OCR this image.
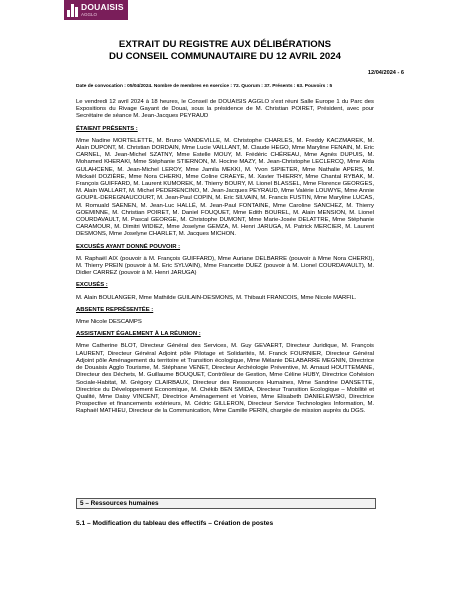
DOUAISIS
AGGLO
EXTRAIT DU REGISTRE AUX DÉLIBÉRATIONS
DU CONSEIL COMMUNAUTAIRE DU 12 AVRIL 2024
12/04/2024 - 6
Date de convocation : 05/04/2024. Nombre de membres en exercice : 72. Quorum : 37. Présents : 63. Pouvoirs : 5

Le vendredi 12 avril 2024 à 18 heures, le Conseil de DOUAISIS AGGLO s'est réuni Salle Europe 1 du Parc des Expositions du Rivage Gayant de Douai, sous la présidence de M. Christian POIRET, Président, avec pour Secrétaire de séance M. Jean-Jacques PEYRAUD

ÉTAIENT PRÉSENTS :

Mme Nadine MORTELETTE, M. Bruno VANDEVILLE, M. Christophe CHARLES, M. Freddy KACZMAREK, M. Alain DUPONT, M. Christian DORDAIN, Mme Lucie VAILLANT, M. Claude HEGO, Mme Maryline FENAIN, M. Eric CARNEL, M. Jean-Michel SZATNY, Mme Estelle MOUY, M. Frédéric CHÉREAU, Mme Agnès DUPUIS, M. Mohamed KHERAKI, Mme Stéphanie STIERNON, M. Hocine MAZY, M. Jean-Christophe LECLERCQ, Mme Aïda GULAHCENE, M. Jean-Michel LEROY, Mme Jamila MEKKI, M. Yvon SIPIETER, Mme Nathalie APERS, M. Mickaël DOZIÈRE, Mme Nora CHERKI, Mme Coline CRAEYE, M. Xavier THIERRY, Mme Chantal RYBAK, M. François GUIFFARD, M. Laurent KUMOREK, M. Thierry BOURY, M. Lionel BLASSEL, Mme Florence GEORGES, M. Alain WALLART, M. Michel PEDERENCINO, M. Jean-Jacques PEYRAUD, Mme Valérie LOUWYE, Mme Annie GOUPIL-DEREGNAUCOURT, M. Jean-Paul COPIN, M. Eric SILVAIN, M. Francis FUSTIN, Mme Maryline LUCAS, M. Romuald SAENEN, M. Jean-Luc HALLÉ, M. Jean-Paul FONTAINE, Mme Caroline SANCHEZ, M. Thierry GOEMINNE, M. Christian POIRET, M. Daniel FOUQUET, Mme Edith BOUREL, M. Alain MENSION, M. Lionel COURDAVAULT, M. Pascal GEORGE, M. Christophe DUMONT, Mme Marie-Josée DELATTRE, Mme Stéphanie CARAMOUR, M. Dimitri WIDIEZ, Mme Joselyne GEMZA, M. Henri JARUGA, M. Patrick MERCIER, M. Laurent DESMONS, Mme Joselyne CHARLET, M. Jacques MICHON.

EXCUSÉS AYANT DONNÉ POUVOIR :

M. Raphaël AIX (pouvoir à M. François GUIFFARD), Mme Auriane DELBARRE (pouvoir à Mme Nora CHERKI), M. Thierry PREIN (pouvoir à M. Eric SYLVAIN), Mme Francette DUEZ (pouvoir à M. Lionel COURDAVAULT), M. Didier CARREZ (pouvoir à M. Henri JARUGA)

EXCUSÉS :

M. Alain BOULANGER, Mme Mathilde GUILAIN-DESMONS, M. Thibault FRANCOIS, Mme Nicole MARFIL.

ABSENTE REPRÉSENTÉE :

Mme Nicole DESCAMPS

ASSISTAIENT ÉGALEMENT À LA RÉUNION :

Mme Catherine BLOT, Directeur Général des Services, M. Guy GEVAERT, Directeur Juridique, M. François LAURENT, Directeur Général Adjoint pôle Pilotage et Solidarités, M. Franck FOURNIER, Directeur Général Adjoint pôle Aménagement du territoire et Transition écologique, Mme Mélanie DELABARRE MEGNIN, Directrice de Douaisis Agglo Tourisme, M. Stéphane VENET, Directeur Archéologie Préventive, M. Arnaud HOUTTEMANE, Directeur des Déchets, M. Guillaume BOUQUET, Contrôleur de Gestion, Mme Céline HUBY, Directrice Cohésion Sociale-Habitat, M. Grégory CLAIRBAUX, Directeur des Ressources Humaines, Mme Sandrine DANSETTE, Directrice du Développement Economique, M. Chékib BEN SMIDA, Directeur Transition Ecologique – Mobilité et Qualité, Mme Daisy VINCENT, Directrice Aménagement et Voiries, Mme Elisabeth DANIELEWSKI, Directrice Prospective et financements extérieurs, M. Cédric GILLERON, Directeur Service Technologies Information, M. Raphaël MATHIEU, Directeur de la Communication, Mme Camille PERIN, chargée de mission auprès du DGS.

5 – Ressources humaines
5.1 – Modification du tableau des effectifs – Création de postes
